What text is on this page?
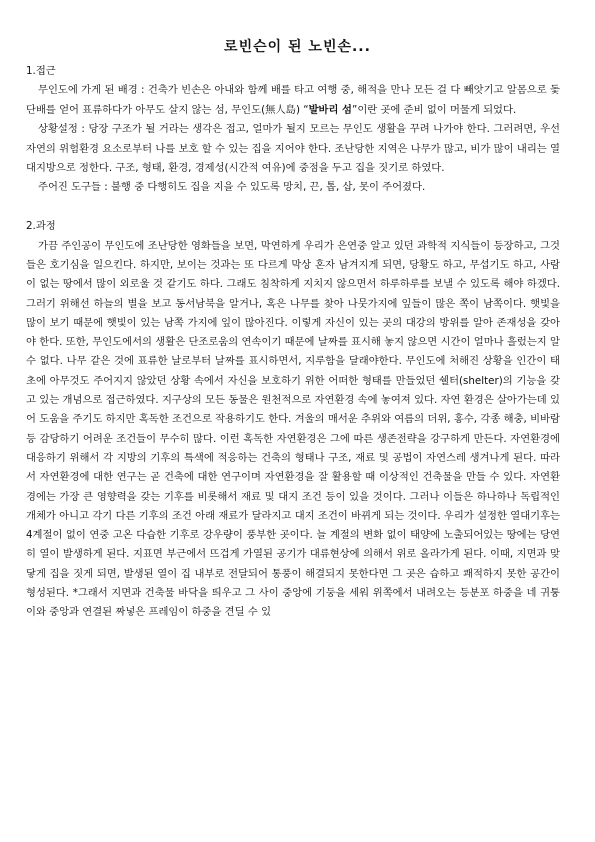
로빈슨이 된 노빈손...

1.접근

무인도에 가게 된 배경 : 건축가 빈손은 아내와 함께 배를 타고 여행 중, 해적을 만나 모든 걸 다 빼앗기고 알몸으로 돛단배를 얻어 표류하다가 아무도 살지 않는 섬, 무인도(無人島) “발바리 섬”이란 곳에 준비 없이 머물게 되었다.

상황설정 : 당장 구조가 될 거라는 생각은 접고, 얼마가 될지 모르는 무인도 생활을 꾸려 나가야 한다. 그러려면, 우선 자연의 위험환경 요소로부터 나를 보호 할 수 있는 집을 지어야 한다. 조난당한 지역은 나무가 많고, 비가 많이 내리는 열대지방으로 정한다. 구조, 형태, 환경, 경제성(시간적 여유)에 중점을 두고 집을 짓기로 하였다.

주어진 도구들 : 불행 중 다행히도 집을 지을 수 있도록 망치, 끈, 톱, 삽, 못이 주어졌다.

2.과정

가끔 주인공이 무인도에 조난당한 영화들을 보면, 막연하게 우리가 은연중 알고 있던 과학적 지식들이 등장하고, 그것들은 호기심을 일으킨다. 하지만, 보이는 것과는 또 다르게 막상 혼자 남겨지게 되면, 당황도 하고, 무섭기도 하고, 사람이 없는 땅에서 많이 외로울 것 같기도 하다. 그래도 침착하게 지치지 않으면서 하루하루를 보낼 수 있도록 해야 하겠다. 그러기 위해선 하늘의 별을 보고 동서남북을 알거나, 혹은 나무를 찾아 나뭇가지에 잎들이 많은 쪽이 남쪽이다. 햇빛을 많이 보기 때문에 햇빛이 있는 남쪽 가지에 잎이 많아진다. 이렇게 자신이 있는 곳의 대강의 방위를 알아 존재성을 갖아야 한다. 또한, 무인도에서의 생활은 단조로움의 연속이기 때문에 날짜를 표시해 놓지 않으면 시간이 얼마나 흘렀는지 알 수 없다. 나무 같은 것에 표류한 날로부터 날짜를 표시하면서, 지루함을 달래야한다. 무인도에 처해진 상황을 인간이 태초에 아무것도 주어지지 않았던 상황 속에서 자신을 보호하기 위한 어떠한 형태를 만들었던 쉘터(shelter)의 기능을 갖고 있는 개념으로 접근하였다. 지구상의 모든 동물은 원천적으로 자연환경 속에 놓여져 있다. 자연 환경은 살아가는데 있어 도움을 주기도 하지만 혹독한 조건으로 작용하기도 한다. 겨울의 매서운 추위와 여름의 더위, 홍수, 각종 해충, 비바람 등 감당하기 어려운 조건들이 무수히 많다. 이런 혹독한 자연환경은 그에 따른 생존전략을 강구하게 만든다. 자연환경에 대응하기 위해서 각 지방의 기후의 특색에 적응하는 건축의 형태나 구조, 재료 및 공법이 자연스레 생겨나게 된다. 따라서 자연환경에 대한 연구는 곧 건축에 대한 연구이며 자연환경을 잘 활용할 때 이상적인 건축물을 만들 수 있다. 자연환경에는 가장 큰 영향력을 갖는 기후를 비롯해서 재료 및 대지 조건 등이 있을 것이다. 그러나 이들은 하나하나 독립적인 개체가 아니고 각기 다른 기후의 조건 아래 재료가 달라지고 대지 조건이 바뀌게 되는 것이다. 우리가 설정한 열대기후는 4계절이 없이 연중 고온 다습한 기후로 강우량이 풍부한 곳이다. 늘 계절의 변화 없이 태양에 노출되어있는 땅에는 당연히 열이 발생하게 된다. 지표면 부근에서 뜨겁게 가열된 공기가 대류현상에 의해서 위로 올라가게 된다. 이때, 지면과 맞닿게 집을 짓게 되면, 발생된 열이 집 내부로 전달되어 통풍이 해결되지 못한다면 그 곳은 습하고 쾌적하지 못한 공간이 형성된다. *그래서 지면과 건축물 바닥을 띄우고 그 사이 중앙에 기둥을 세워 위쪽에서 내려오는 등분포 하중을 네 귀퉁이와 중앙과 연결된 짜넣은 프레임이 하중을 견딜 수 있
